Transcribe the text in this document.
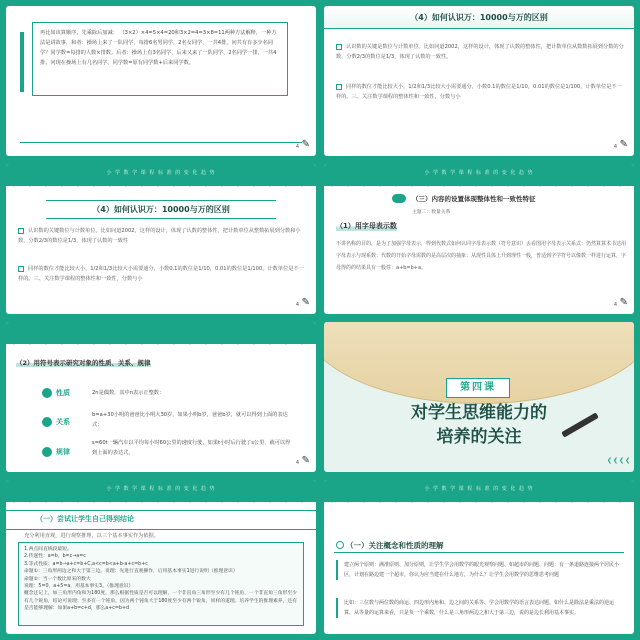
再比如该算顺序，先乘除后加减： （3×2）×4=5×4=20和3×2=4=3×8=11两种方法解释，一种方法是讲故事，和者：操场上来了一队同学，每排6名男同学，2名女同学，一共4排，问共有有多少名同学？同学数=每排的人数×排数。后者：操场上有3名同学，后来又来了一队同学，2名同学一排，一共4排，问现在操场上有几名同学。同学数=原有同学数+后来同学数。
4 ✎
（4）如何认识万：10000与万的区别
认识数的关键是数位与计数单位。比如问道2002，这样的设计，体现了认数的整体性，把计数单位从数数拓展到分数的分数，分数2/3的数位是1/3，体现了认数的一致性。
同样的数位才能比较大小，1/2和1/3比较大小需要通分，小数0.1的数位是1/10，0.01的数位是1/100，计数单位是不一样的。三、关注数学课程的整体性和一致性，分数与小
4 ✎
小 学 数 学 课 程 标 准 的 变 化 趋 势
（4）如何认识万：10000与万的区别
认识数的关键数位与计数单位。比如问道2002，这样的设计，体现了认数的整体性，把计数单位从整数拓展到分数和小数，分数2/3的数位是1/3，体现了认数的一致性
同样的数位才能比较大小，1/2和1/3比较大小需要通分，小数0.1的数位是1/10，0.01的数位是1/100，计数单位是不一样的。三、关注数学课程的整体性和一致性，分数与小
4 ✎
小 学 数 学 课 程 标 准 的 变 化 趋 势
（三）内容的设置体现整体性和一致性特征
主题二：数量关系
（1）用字母表示数
不讲名称的目的，是为了加强学母表示，得到代数式如何认同字母表示数（符号意识）丢看图用字母表示关系式：仍然算算术书达用字母表示与现系数：代数的开始字母需数的是高层次的抽象：从现性具体上升到理性一般，普适到字学符号以像数一样进行运算，字母得的的结果具有一般性：a+b=b+a。
4 ✎
（2）用符号表示研究对象的性质、关系、规律
性质	2n是偶数，其中n表示正整数：
关系
b=a+30小明的爸爸比小明大30岁，如果小明b岁，爸爸b岁，就可以得到上面的表达式：
规律
s=60t一辆汽车以平均每小时60公里的速度行驶，如果t小时后行驶了s公里，就可以得到上面的表达式。
4 ✎
第四课
对学生思维能力的
培养的关注
❮❮❮❮
小 学 数 学 课 程 标 准 的 变 化 趋 势
（一）尝试让学生自己得到结论
充分利用直观，进行观察推理，以三个基本事实作为依据。
1.两点间直线段最短。
2.传递性：a=b，b=c→a=c
3.等式性质：a=b→a+c=b+C,a<c=b<a+b-a+c=b+c
命题①：三角形两边之和大于第三边。说理：先进行直观操作，后用基本事实1进行说明（推理意识）
命题②：当一个数比原来的数大
说理：5=0，a+5=a，用基本事实3。（推理意识）
概念还记上，如三角形内角和为180度，那么根据性质是否可以理解，一个非直角三角形至少有几个钝角，一个非直角三角形至少有几个锐角，结论可说理：至多有一个钝角，因为两个钝角大于180度至少有两个锐角，同样的道理。培养学生的推理素养，还有是否能够理解：如果a+b=c+d，那么a+c=b+d
小 学 数 学 课 程 标 准 的 变 化 趋 势
（一）关注概念和性质的理解
建立两个原则：满准原则、加分原则，让学生学会用数学的眼光观察问题、如超市的问题、问题：有一条道路连接两个居民小区，计划在路边建一个超市，你认为应当建在什么地方，为什么？让学生会用数学的思维思考问题
比如：三位数与两位数的商运、四边形内角和、边之间的关系等、学会用数学的语言表达问题。如什么是除法是乘法的逆运算，从等量的运算来看，只是负一个乘数，什么是三角形两边之和大于第三边，说的是边长利用基本事实。
